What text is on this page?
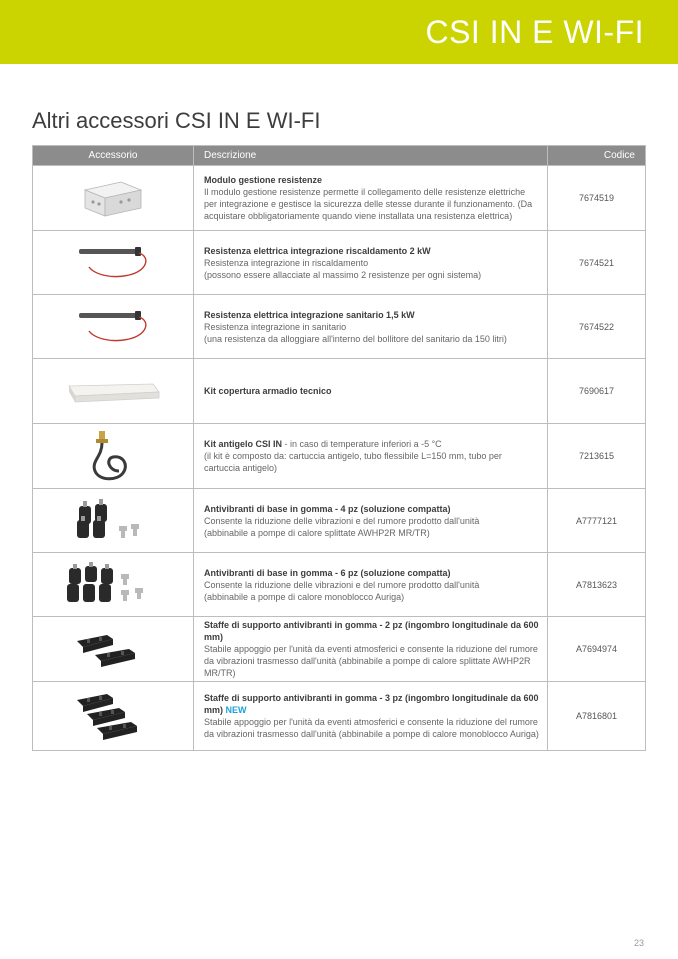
CSI IN E WI-FI
Altri accessori CSI IN E WI-FI
Accessorio	Descrizione	Codice

Modulo gestione resistenze
Il modulo gestione resistenze permette il collegamento delle resistenze elettriche per integrazione e gestisce la sicurezza delle stesse durante il funzionamento. (Da acquistare obbligatoriamente quando viene installata una resistenza elettrica)	7674519

Resistenza elettrica integrazione riscaldamento 2 kW
Resistenza integrazione in riscaldamento
(possono essere allacciate al massimo 2 resistenze per ogni sistema)	7674521

Resistenza elettrica integrazione sanitario 1,5 kW
Resistenza integrazione in sanitario
(una resistenza da alloggiare all'interno del bollitore del sanitario da 150 litri)	7674522

Kit copertura armadio tecnico	7690617

Kit antigelo CSI IN - in caso di temperature inferiori a -5 °C
(il kit è composto da: cartuccia antigelo, tubo flessibile L=150 mm, tubo per cartuccia antigelo)	7213615

Antivibranti di base in gomma - 4 pz (soluzione compatta)
Consente la riduzione delle vibrazioni e del rumore prodotto dall'unità
(abbinabile a pompe di calore splittate AWHP2R MR/TR)	A7777121

Antivibranti di base in gomma - 6 pz (soluzione compatta)
Consente la riduzione delle vibrazioni e del rumore prodotto dall'unità
(abbinabile a pompe di calore monoblocco Auriga)	A7813623

Staffe di supporto antivibranti in gomma - 2 pz (ingombro longitudinale da 600 mm)
Stabile appoggio per l'unità da eventi atmosferici e consente la riduzione del rumore da vibrazioni trasmesso dall'unità (abbinabile a pompe di calore splittate AWHP2R MR/TR)	A7694974

Staffe di supporto antivibranti in gomma - 3 pz (ingombro longitudinale da 600 mm) NEW
Stabile appoggio per l'unità da eventi atmosferici e consente la riduzione del rumore da vibrazioni trasmesso dall'unità (abbinabile a pompe di calore monoblocco Auriga)	A7816801
23
